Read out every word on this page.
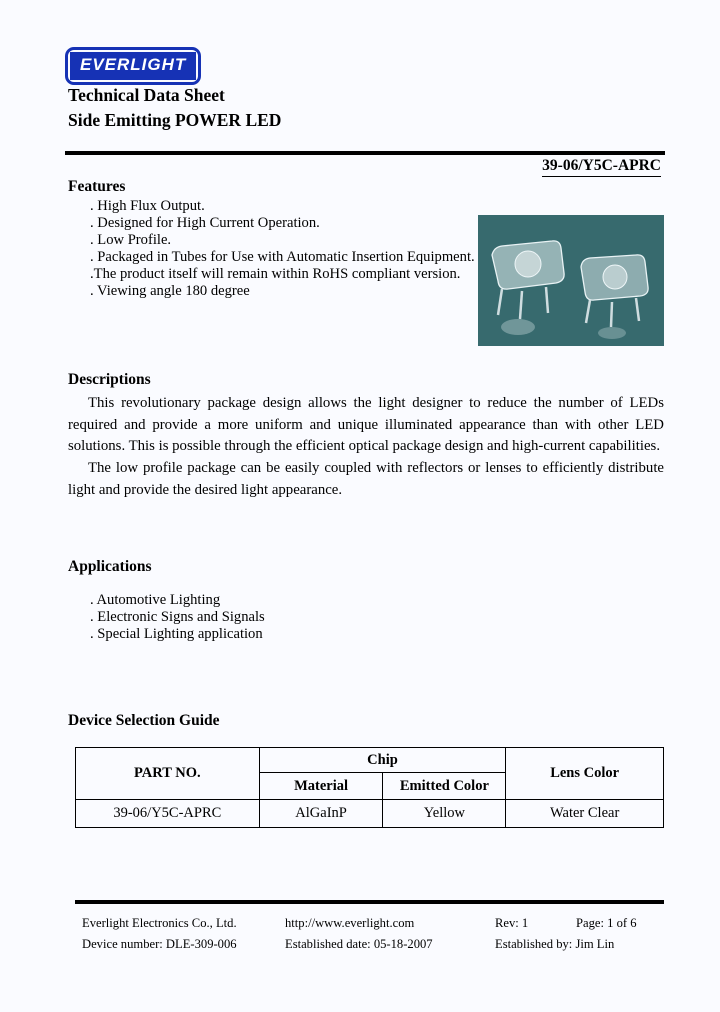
EVERLIGHT
Technical Data Sheet
Side Emitting POWER LED
39-06/Y5C-APRC
Features
. High Flux Output.
. Designed for High Current Operation.
. Low Profile.
. Packaged in Tubes for Use with Automatic Insertion Equipment.
.The product itself will remain within RoHS compliant version.
. Viewing angle 180 degree
Descriptions

This revolutionary package design allows the light designer to reduce the number of LEDs required and provide a more uniform and unique illuminated appearance than with other LED solutions. This is possible through the efficient optical package design and high-current capabilities.

The low profile package can be easily coupled with reflectors or lenses to efficiently distribute light and provide the desired light appearance.

Applications
. Automotive Lighting
. Electronic Signs and Signals
. Special Lighting application
Device Selection Guide
PART NO.	Chip		Lens Color
	Material	Emitted Color	
39-06/Y5C-APRC	AlGaInP	Yellow	Water Clear
Everlight Electronics Co., Ltd.	http://www.everlight.com	Rev: 1	Page: 1 of 6
Device number: DLE-309-006	Established date: 05-18-2007	Established by: Jim Lin
